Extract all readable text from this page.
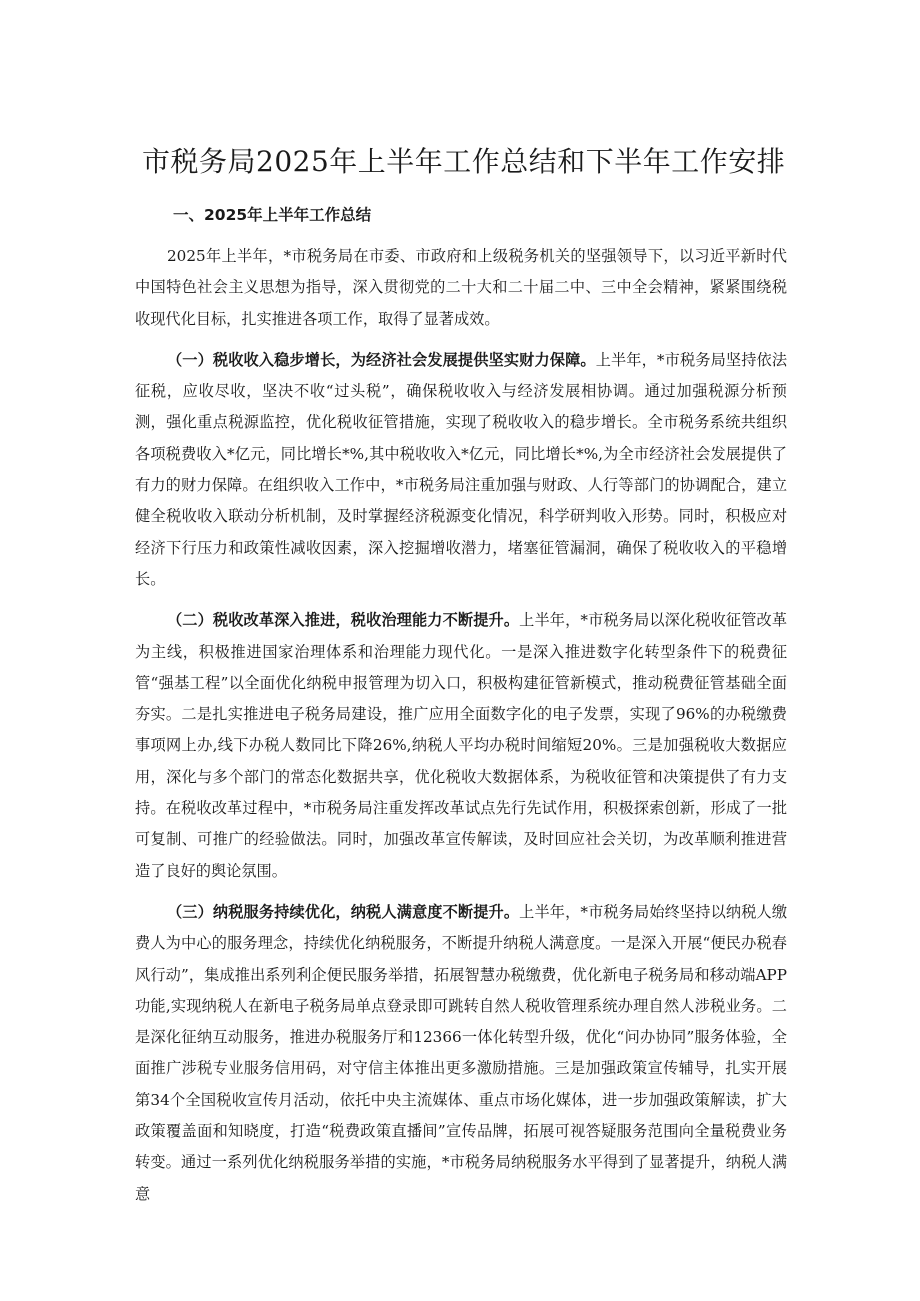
市税务局2025年上半年工作总结和下半年工作安排
一、2025年上半年工作总结

2025年上半年，*市税务局在市委、市政府和上级税务机关的坚强领导下，以习近平新时代中国特色社会主义思想为指导，深入贯彻党的二十大和二十届二中、三中全会精神，紧紧围绕税收现代化目标，扎实推进各项工作，取得了显著成效。

（一）税收收入稳步增长，为经济社会发展提供坚实财力保障。上半年，*市税务局坚持依法征税，应收尽收，坚决不收“过头税”，确保税收收入与经济发展相协调。通过加强税源分析预测，强化重点税源监控，优化税收征管措施，实现了税收收入的稳步增长。全市税务系统共组织各项税费收入*亿元，同比增长*%,其中税收收入*亿元，同比增长*%,为全市经济社会发展提供了有力的财力保障。在组织收入工作中，*市税务局注重加强与财政、人行等部门的协调配合，建立健全税收收入联动分析机制，及时掌握经济税源变化情况，科学研判收入形势。同时，积极应对经济下行压力和政策性减收因素，深入挖掘增收潜力，堵塞征管漏洞，确保了税收收入的平稳增长。

（二）税收改革深入推进，税收治理能力不断提升。上半年，*市税务局以深化税收征管改革为主线，积极推进国家治理体系和治理能力现代化。一是深入推进数字化转型条件下的税费征管“强基工程”以全面优化纳税申报管理为切入口，积极构建征管新模式，推动税费征管基础全面夯实。二是扎实推进电子税务局建设，推广应用全面数字化的电子发票，实现了96%的办税缴费事项网上办,线下办税人数同比下降26%,纳税人平均办税时间缩短20%。三是加强税收大数据应用，深化与多个部门的常态化数据共享，优化税收大数据体系，为税收征管和决策提供了有力支持。在税收改革过程中，*市税务局注重发挥改革试点先行先试作用，积极探索创新，形成了一批可复制、可推广的经验做法。同时，加强改革宣传解读，及时回应社会关切，为改革顺利推进营造了良好的舆论氛围。

（三）纳税服务持续优化，纳税人满意度不断提升。上半年，*市税务局始终坚持以纳税人缴费人为中心的服务理念，持续优化纳税服务，不断提升纳税人满意度。一是深入开展“便民办税春风行动”，集成推出系列利企便民服务举措，拓展智慧办税缴费，优化新电子税务局和移动端APP功能,实现纳税人在新电子税务局单点登录即可跳转自然人税收管理系统办理自然人涉税业务。二是深化征纳互动服务，推进办税服务厅和12366一体化转型升级，优化“问办协同”服务体验，全面推广涉税专业服务信用码，对守信主体推出更多激励措施。三是加强政策宣传辅导，扎实开展第34个全国税收宣传月活动，依托中央主流媒体、重点市场化媒体，进一步加强政策解读，扩大政策覆盖面和知晓度，打造“税费政策直播间”宣传品牌，拓展可视答疑服务范围向全量税费业务转变。通过一系列优化纳税服务举措的实施，*市税务局纳税服务水平得到了显著提升，纳税人满意
